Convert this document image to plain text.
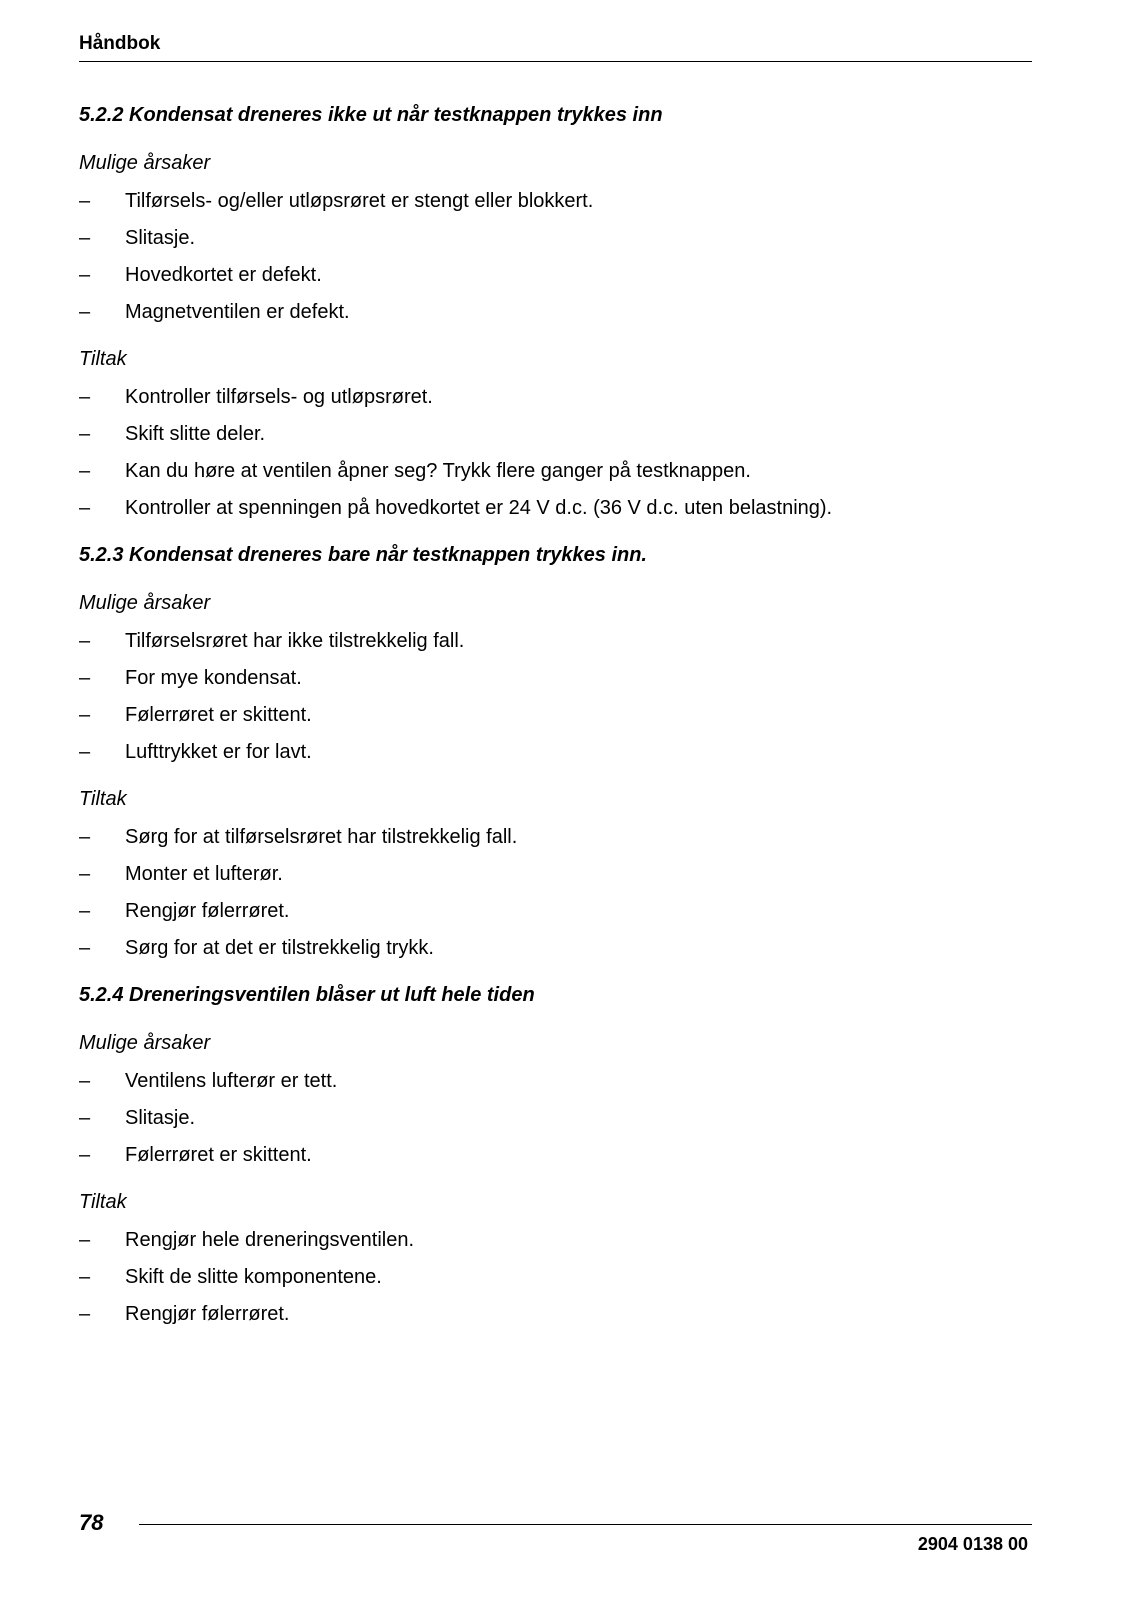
Håndbok
5.2.2 Kondensat dreneres ikke ut når testknappen trykkes inn
Mulige årsaker
– Tilførsels- og/eller utløpsrøret er stengt eller blokkert.
– Slitasje.
– Hovedkortet er defekt.
– Magnetventilen er defekt.
Tiltak
– Kontroller tilførsels- og utløpsrøret.
– Skift slitte deler.
– Kan du høre at ventilen åpner seg? Trykk flere ganger på testknappen.
– Kontroller at spenningen på hovedkortet er 24 V d.c. (36 V d.c. uten belastning).
5.2.3 Kondensat dreneres bare når testknappen trykkes inn.
Mulige årsaker
– Tilførselsrøret har ikke tilstrekkelig fall.
– For mye kondensat.
– Følerrøret er skittent.
– Lufttrykket er for lavt.
Tiltak
– Sørg for at tilførselsrøret har tilstrekkelig fall.
– Monter et lufterør.
– Rengjør følerrøret.
– Sørg for at det er tilstrekkelig trykk.
5.2.4 Dreneringsventilen blåser ut luft hele tiden
Mulige årsaker
– Ventilens lufterør er tett.
– Slitasje.
– Følerrøret er skittent.
Tiltak
– Rengjør hele dreneringsventilen.
– Skift de slitte komponentene.
– Rengjør følerrøret.
78
2904 0138 00
